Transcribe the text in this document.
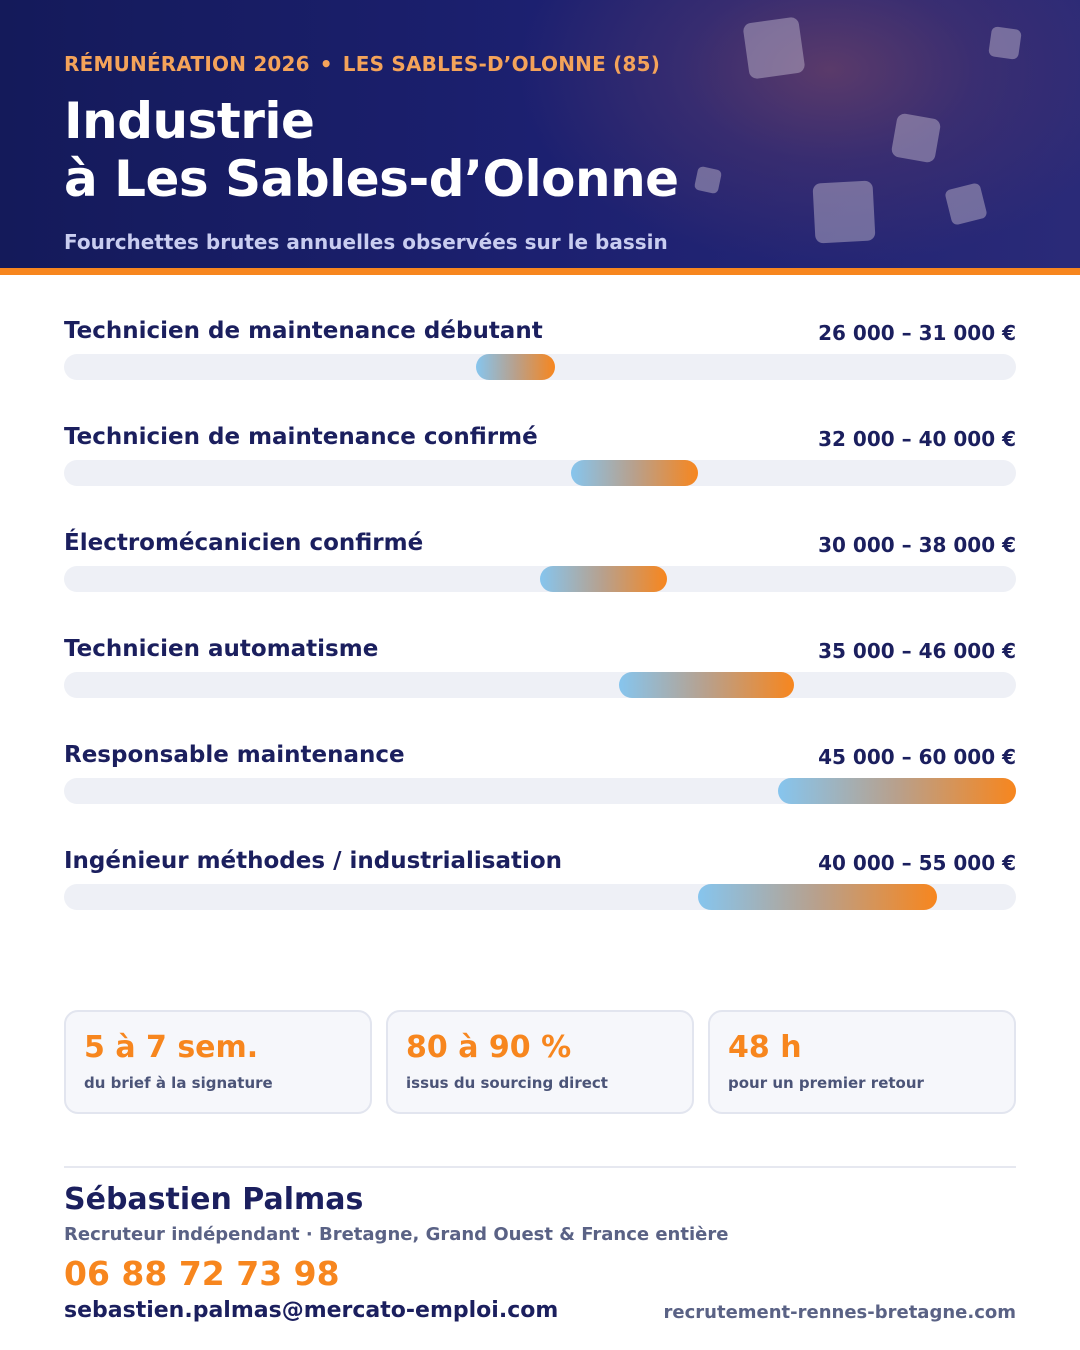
RÉMUNÉRATION 2026 • LES SABLES-D’OLONNE (85)
Industrie
à Les Sables-d’Olonne
Fourchettes brutes annuelles observées sur le bassin
Technicien de maintenance débutant	26 000 – 31 000 €
Technicien de maintenance confirmé	32 000 – 40 000 €
Électromécanicien confirmé	30 000 – 38 000 €
Technicien automatisme	35 000 – 46 000 €
Responsable maintenance	45 000 – 60 000 €
Ingénieur méthodes / industrialisation	40 000 – 55 000 €
5 à 7 sem.
du brief à la signature
80 à 90 %
issus du sourcing direct
48 h
pour un premier retour
Sébastien Palmas
Recruteur indépendant · Bretagne, Grand Ouest & France entière
06 88 72 73 98
sebastien.palmas@mercato-emploi.com	recrutement-rennes-bretagne.com
